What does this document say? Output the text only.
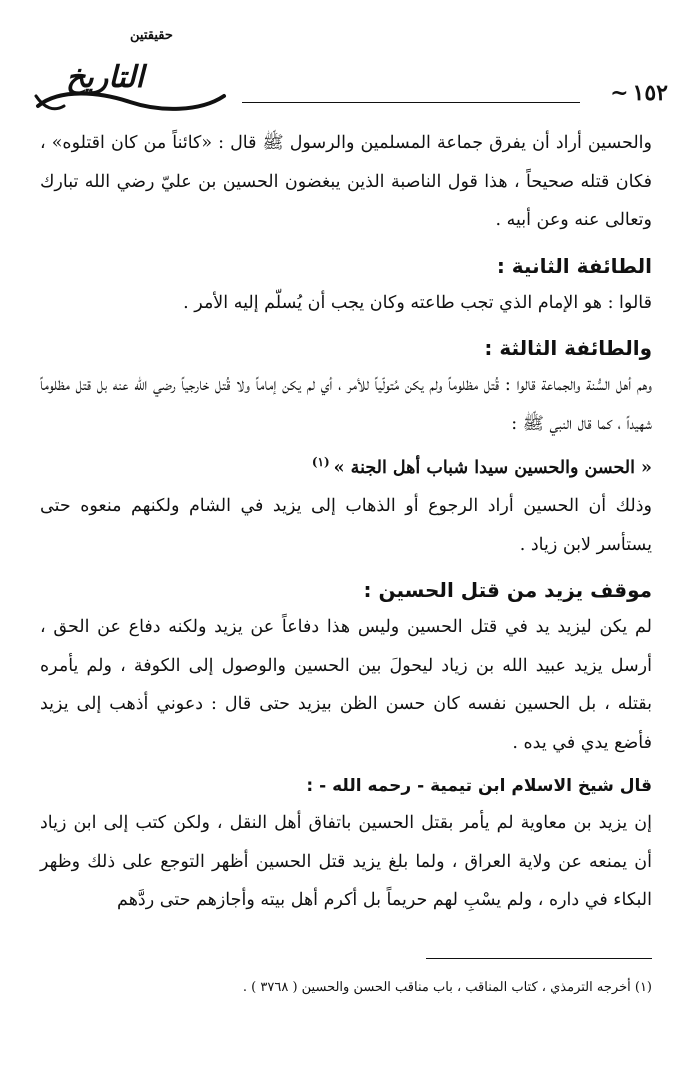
١٥٢~
حقيقتين
التاريخ

والحسين أراد أن يفرق جماعة المسلمين والرسول ﷺ قال : «كائناً من كان اقتلوه» ، فكان قتله صحيحاً ، هذا قول الناصبة الذين يبغضون الحسين بن عليّ رضي الله تبارك وتعالى عنه وعن أبيه .

الطائفة الثانية :

قالوا : هو الإمام الذي تجب طاعته وكان يجب أن يُسلّم إليه الأمر .

والطائفة الثالثة :

وهم أهل السُّنة والجماعة قالوا : قُتل مظلوماً ولم يكن مُتولّياً للأمر ، أي لم يكن إماماً ولا قُتل خارجياً رضي الله عنه بل قتل مظلوماً شهيداً ، كما قال النبي ﷺ :

« الحسن والحسين سيدا شباب أهل الجنة »$^{(١)}$

وذلك أن الحسين أراد الرجوع أو الذهاب إلى يزيد في الشام ولكنهم منعوه حتى يستأسر لابن زياد .

موقف يزيد من قتل الحسين :

لم يكن ليزيد يد في قتل الحسين وليس هذا دفاعاً عن يزيد ولكنه دفاع عن الحق ، أرسل يزيد عبيد الله بن زياد ليحولَ بين الحسين والوصول إلى الكوفة ، ولم يأمره بقتله ، بل الحسين نفسه كان حسن الظن بيزيد حتى قال : دعوني أذهب إلى يزيد فأضع يدي في يده .

قال شيخ الاسلام ابن تيمية - رحمه الله - :

إن يزيد بن معاوية لم يأمر بقتل الحسين باتفاق أهل النقل ، ولكن كتب إلى ابن زياد أن يمنعه عن ولاية العراق ، ولما بلغ يزيد قتل الحسين أظهر التوجع على ذلك وظهر البكاء في داره ، ولم يسْبِ لهم حريماً بل أكرم أهل بيته وأجازهم حتى ردَّهم

(١) أخرجه الترمذي ، كتاب المناقب ، باب مناقب الحسن والحسين ( ٣٧٦٨ ) .
